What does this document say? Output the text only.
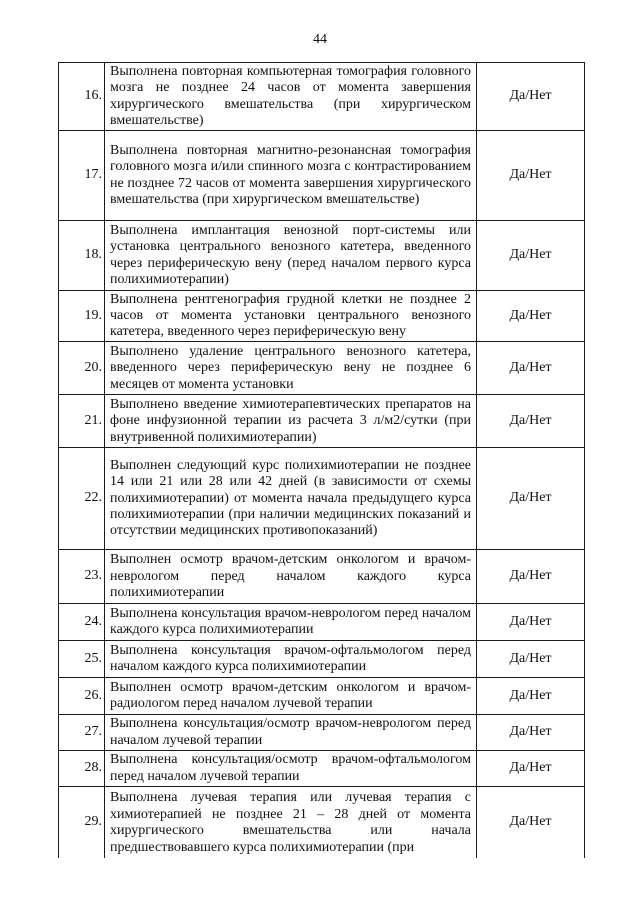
44
16.	Выполнена повторная компьютерная томография головного мозга не позднее 24 часов от момента завершения хирургического вмешательства (при хирургическом вмешательстве)	Да/Нет
17.	Выполнена повторная магнитно-резонансная томография головного мозга и/или спинного мозга с контрастированием не позднее 72 часов от момента завершения хирургического вмешательства (при хирургическом вмешательстве)	Да/Нет
18.	Выполнена имплантация венозной порт-системы или установка центрального венозного катетера, введенного через периферическую вену (перед началом первого курса полихимиотерапии)	Да/Нет
19.	Выполнена рентгенография грудной клетки не позднее 2 часов от момента установки центрального венозного катетера, введенного через периферическую вену	Да/Нет
20.	Выполнено удаление центрального венозного катетера, введенного через периферическую вену не позднее 6 месяцев от момента установки	Да/Нет
21.	Выполнено введение химиотерапевтических препаратов на фоне инфузионной терапии из расчета 3 л/м2/сутки (при внутривенной полихимиотерапии)	Да/Нет
22.	Выполнен следующий курс полихимиотерапии не позднее 14 или 21 или 28 или 42 дней (в зависимости от схемы полихимиотерапии) от момента начала предыдущего курса полихимиотерапии (при наличии медицинских показаний и отсутствии медицинских противопоказаний)	Да/Нет
23.	Выполнен осмотр врачом-детским онкологом и врачом-неврологом перед началом каждого курса полихимиотерапии	Да/Нет
24.	Выполнена консультация врачом-неврологом перед началом каждого курса полихимиотерапии	Да/Нет
25.	Выполнена консультация врачом-офтальмологом перед началом каждого курса полихимиотерапии	Да/Нет
26.	Выполнен осмотр врачом-детским онкологом и врачом-радиологом перед началом лучевой терапии	Да/Нет
27.	Выполнена консультация/осмотр врачом-неврологом перед началом лучевой терапии	Да/Нет
28.	Выполнена консультация/осмотр врачом-офтальмологом перед началом лучевой терапии	Да/Нет
29.	Выполнена лучевая терапия или лучевая терапия с химиотерапией не позднее 21 – 28 дней от момента хирургического вмешательства или начала предшествовавшего курса полихимиотерапии (при	Да/Нет
